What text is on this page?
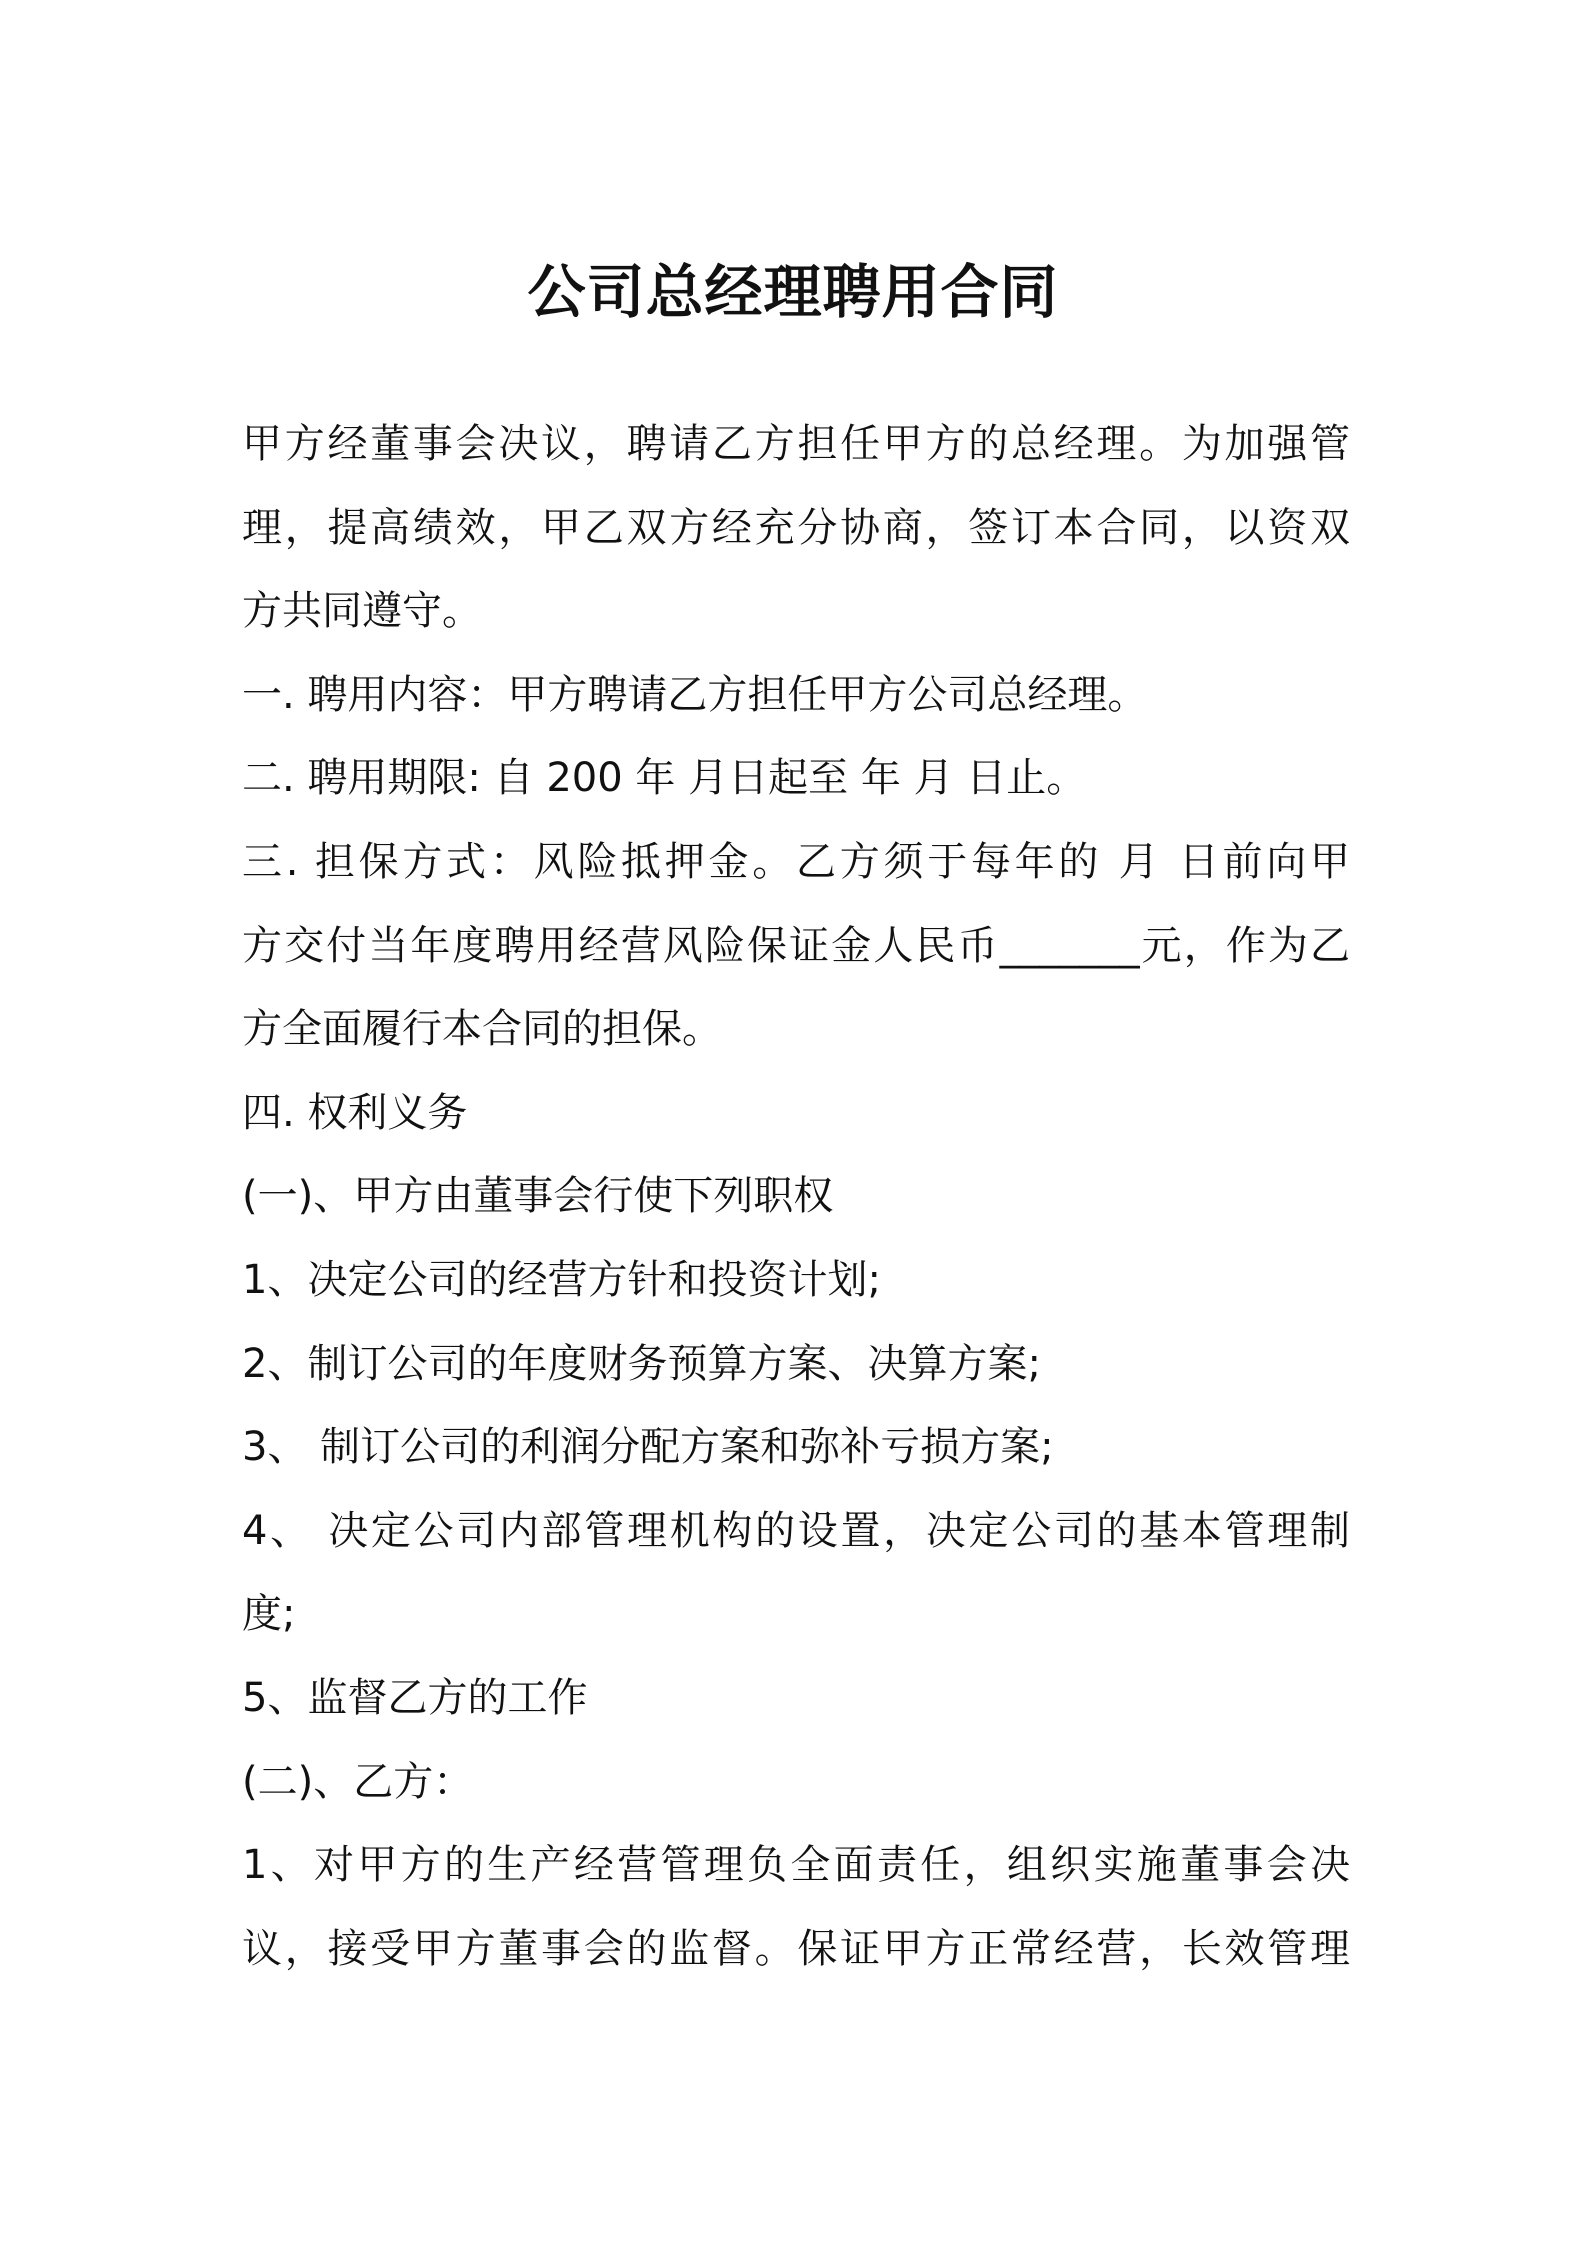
公司总经理聘用合同
甲方经董事会决议，聘请乙方担任甲方的总经理。为加强管
理，提高绩效，甲乙双方经充分协商，签订本合同，以资双
方共同遵守。
一. 聘用内容：甲方聘请乙方担任甲方公司总经理。
二. 聘用期限: 自 200 年 月日起至 年 月 日止。
三. 担保方式：风险抵押金。乙方须于每年的 月 日前向甲
方交付当年度聘用经营风险保证金人民币_______元，作为乙
方全面履行本合同的担保。
四. 权利义务
(一)、甲方由董事会行使下列职权
1、决定公司的经营方针和投资计划;
2、制订公司的年度财务预算方案、决算方案;
3、 制订公司的利润分配方案和弥补亏损方案;
4、 决定公司内部管理机构的设置，决定公司的基本管理制
度;
5、监督乙方的工作
(二)、乙方：
1、对甲方的生产经营管理负全面责任，组织实施董事会决
议，接受甲方董事会的监督。保证甲方正常经营，长效管理
